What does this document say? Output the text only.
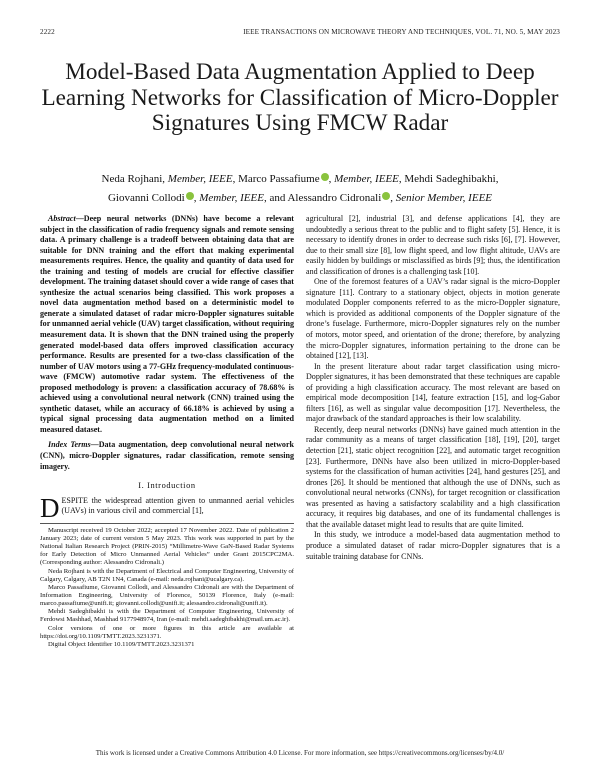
2222	IEEE TRANSACTIONS ON MICROWAVE THEORY AND TECHNIQUES, VOL. 71, NO. 5, MAY 2023
Model-Based Data Augmentation Applied to Deep Learning Networks for Classification of Micro-Doppler Signatures Using FMCW Radar
Neda Rojhani, Member, IEEE, Marco Passafiume , Member, IEEE, Mehdi Sadeghibakhi,
Giovanni Collodi , Member, IEEE, and Alessandro Cidronali , Senior Member, IEEE

Abstract—Deep neural networks (DNNs) have become a relevant subject in the classification of radio frequency signals and remote sensing data. A primary challenge is a tradeoff between obtaining data that are suitable for DNN training and the effort that making experimental measurements requires. Hence, the quality and quantity of data used for the training and testing of models are crucial for effective classifier development. The training dataset should cover a wide range of cases that synthesize the actual scenarios being classified. This work proposes a novel data augmentation method based on a deterministic model to generate a simulated dataset of radar micro-Doppler signatures suitable for unmanned aerial vehicle (UAV) target classification, without requiring measurement data. It is shown that the DNN trained using the properly generated model-based data offers improved classification accuracy performance. Results are presented for a two-class classification of the number of UAV motors using a 77-GHz frequency-modulated continuous-wave (FMCW) automotive radar system. The effectiveness of the proposed methodology is proven: a classification accuracy of 78.68% is achieved using a convolutional neural network (CNN) trained using the synthetic dataset, while an accuracy of 66.18% is achieved by using a typical signal processing data augmentation method on a limited measured dataset.

Index Terms—Data augmentation, deep convolutional neural network (CNN), micro-Doppler signatures, radar classification, remote sensing imagery.

I. Introduction

DESPITE the widespread attention given to unmanned aerial vehicles (UAVs) in various civil and commercial [1],

Manuscript received 19 October 2022; accepted 17 November 2022. Date of publication 2 January 2023; date of current version 5 May 2023. This work was supported in part by the National Italian Research Project (PRIN-2015) “Millimetre-Wave GaN-Based Radar Systems for Early Detection of Micro Unmanned Aerial Vehicles” under Grant 2015CPC2MA. (Corresponding author: Alessandro Cidronali.)

Neda Rojhani is with the Department of Electrical and Computer Engineering, University of Calgary, Calgary, AB T2N 1N4, Canada (e-mail: neda.rojhani@ucalgary.ca).

Marco Passafiume, Giovanni Collodi, and Alessandro Cidronali are with the Department of Information Engineering, University of Florence, 50139 Florence, Italy (e-mail: marco.passafiume@unifi.it; giovanni.collodi@unifi.it; alessandro.cidronali@unifi.it).

Mehdi Sadeghibakhi is with the Department of Computer Engineering, University of Ferdowsi Mashhad, Mashhad 9177948974, Iran (e-mail: mehdi.sadeghibakhi@mail.um.ac.ir).

Color versions of one or more figures in this article are available at https://doi.org/10.1109/TMTT.2023.3231371.

Digital Object Identifier 10.1109/TMTT.2023.3231371

agricultural [2], industrial [3], and defense applications [4], they are undoubtedly a serious threat to the public and to flight safety [5]. Hence, it is necessary to identify drones in order to decrease such risks [6], [7]. However, due to their small size [8], low flight speed, and low flight altitude, UAVs are easily hidden by buildings or misclassified as birds [9]; thus, the identification and classification of drones is a challenging task [10].

One of the foremost features of a UAV’s radar signal is the micro-Doppler signature [11]. Contrary to a stationary object, objects in motion generate modulated Doppler components referred to as the micro-Doppler signature, which is provided as additional components of the Doppler signature of the drone’s fuselage. Furthermore, micro-Doppler signatures rely on the number of motors, motor speed, and orientation of the drone; therefore, by analyzing the micro-Doppler signatures, information pertaining to the drone can be obtained [12], [13].

In the present literature about radar target classification using micro-Doppler signatures, it has been demonstrated that these techniques are capable of providing a high classification accuracy. The most relevant are based on empirical mode decomposition [14], feature extraction [15], and log-Gabor filters [16], as well as singular value decomposition [17]. Nevertheless, the major drawback of the standard approaches is their low scalability.

Recently, deep neural networks (DNNs) have gained much attention in the radar community as a means of target classification [18], [19], [20], target detection [21], static object recognition [22], and automatic target recognition [23]. Furthermore, DNNs have also been utilized in micro-Doppler-based systems for the classification of human activities [24], hand gestures [25], and drones [26]. It should be mentioned that although the use of DNNs, such as convolutional neural networks (CNNs), for target recognition or classification was presented as having a satisfactory scalability and a high classification accuracy, it requires big databases, and one of its fundamental challenges is that the available dataset might lead to results that are quite limited.

In this study, we introduce a model-based data augmentation method to produce a simulated dataset of radar micro-Doppler signatures that is a suitable training database for CNNs.

This work is licensed under a Creative Commons Attribution 4.0 License. For more information, see https://creativecommons.org/licenses/by/4.0/
